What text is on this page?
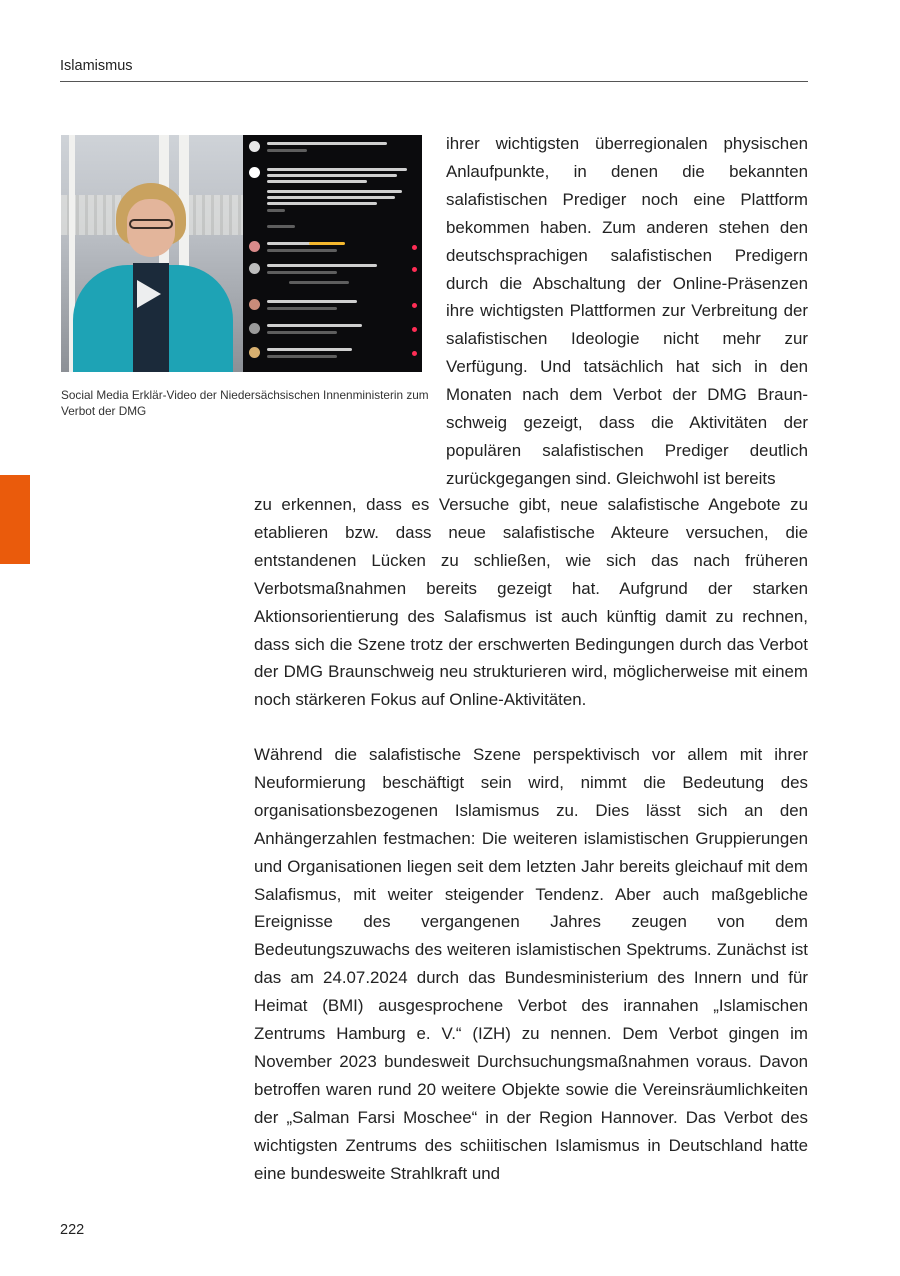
Islamismus
Social Media Erklär-Video der Niedersächsischen Innenministerin zum Verbot der DMG

ihrer wichtigsten überregionalen physischen Anlaufpunkte, in denen die bekannten salafistischen Prediger noch eine Plattform bekommen haben. Zum anderen stehen den deutschsprachigen salafistischen Predigern durch die Abschaltung der Online-Präsenzen ihre wichtigsten Plattformen zur Verbreitung der salafistischen Ideologie nicht mehr zur Verfügung. Und tatsächlich hat sich in den Monaten nach dem Verbot der DMG Braunschweig gezeigt, dass die Aktivitäten der populären salafistischen Prediger deutlich zurückgegangen sind. Gleichwohl ist bereits

zu erkennen, dass es Versuche gibt, neue salafistische Angebote zu etablieren bzw. dass neue salafistische Akteure versuchen, die entstandenen Lücken zu schließen, wie sich das nach früheren Verbotsmaßnahmen bereits gezeigt hat. Aufgrund der starken Aktionsorientierung des Salafismus ist auch künftig damit zu rechnen, dass sich die Szene trotz der erschwerten Bedingungen durch das Verbot der DMG Braunschweig neu strukturieren wird, möglicherweise mit einem noch stärkeren Fokus auf Online-Aktivitäten.

Während die salafistische Szene perspektivisch vor allem mit ihrer Neuformierung beschäftigt sein wird, nimmt die Bedeutung des organisationsbezogenen Islamismus zu. Dies lässt sich an den Anhängerzahlen festmachen: Die weiteren islamistischen Gruppierungen und Organisationen liegen seit dem letzten Jahr bereits gleichauf mit dem Salafismus, mit weiter steigender Tendenz. Aber auch maßgebliche Ereignisse des vergangenen Jahres zeugen von dem Bedeutungszuwachs des weiteren islamistischen Spektrums. Zunächst ist das am 24.07.2024 durch das Bundesministerium des Innern und für Heimat (BMI) ausgesprochene Verbot des irannahen „Islamischen Zentrums Hamburg e. V.“ (IZH) zu nennen. Dem Verbot gingen im November 2023 bundesweit Durchsuchungsmaßnahmen voraus. Davon betroffen waren rund 20 weitere Objekte sowie die Vereinsräumlichkeiten der „Salman Farsi Moschee“ in der Region Hannover. Das Verbot des wichtigsten Zentrums des schiitischen Islamismus in Deutschland hatte eine bundesweite Strahlkraft und

222
